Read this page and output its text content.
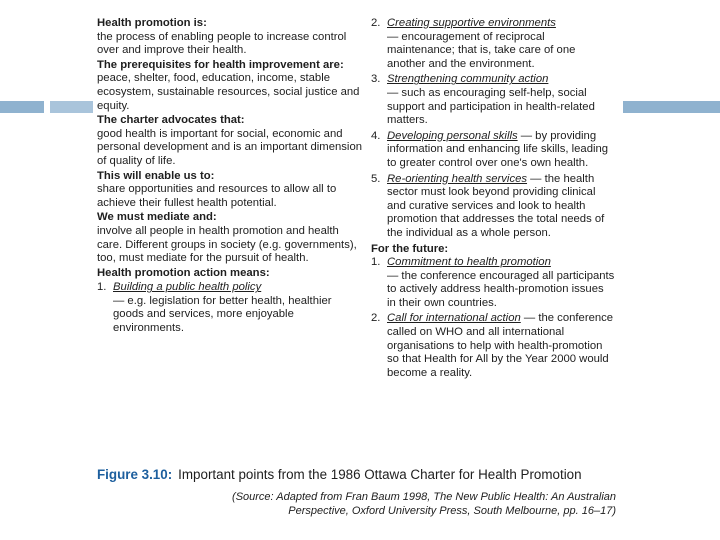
Health promotion is:
the process of enabling people to increase control over and improve their health.
The prerequisites for health improvement are:
peace, shelter, food, education, income, stable ecosystem, sustainable resources, social justice and equity.
The charter advocates that:
good health is important for social, economic and personal development and is an important dimension of quality of life.
This will enable us to:
share opportunities and resources to allow all to achieve their fullest health potential.
We must mediate and:
involve all people in health promotion and health care. Different groups in society (e.g. governments), too, must mediate for the pursuit of health.
Health promotion action means:
1. Building a public health policy
— e.g. legislation for better health, healthier goods and services, more enjoyable environments.
2. Creating supportive environments
— encouragement of reciprocal maintenance; that is, take care of one another and the environment.
3. Strengthening community action
— such as encouraging self-help, social support and participation in health-related matters.
4. Developing personal skills — by providing information and enhancing life skills, leading to greater control over one's own health.
5. Re-orienting health services — the health sector must look beyond providing clinical and curative services and look to health promotion that addresses the total needs of the individual as a whole person.
For the future:
1. Commitment to health promotion
— the conference encouraged all participants to actively address health-promotion issues in their own countries.
2. Call for international action — the conference called on WHO and all international organisations to help with health-promotion so that Health for All by the Year 2000 would become a reality.
Figure 3.10: Important points from the 1986 Ottawa Charter for Health Promotion
(Source: Adapted from Fran Baum 1998, The New Public Health: An Australian
Perspective, Oxford University Press, South Melbourne, pp. 16–17)
